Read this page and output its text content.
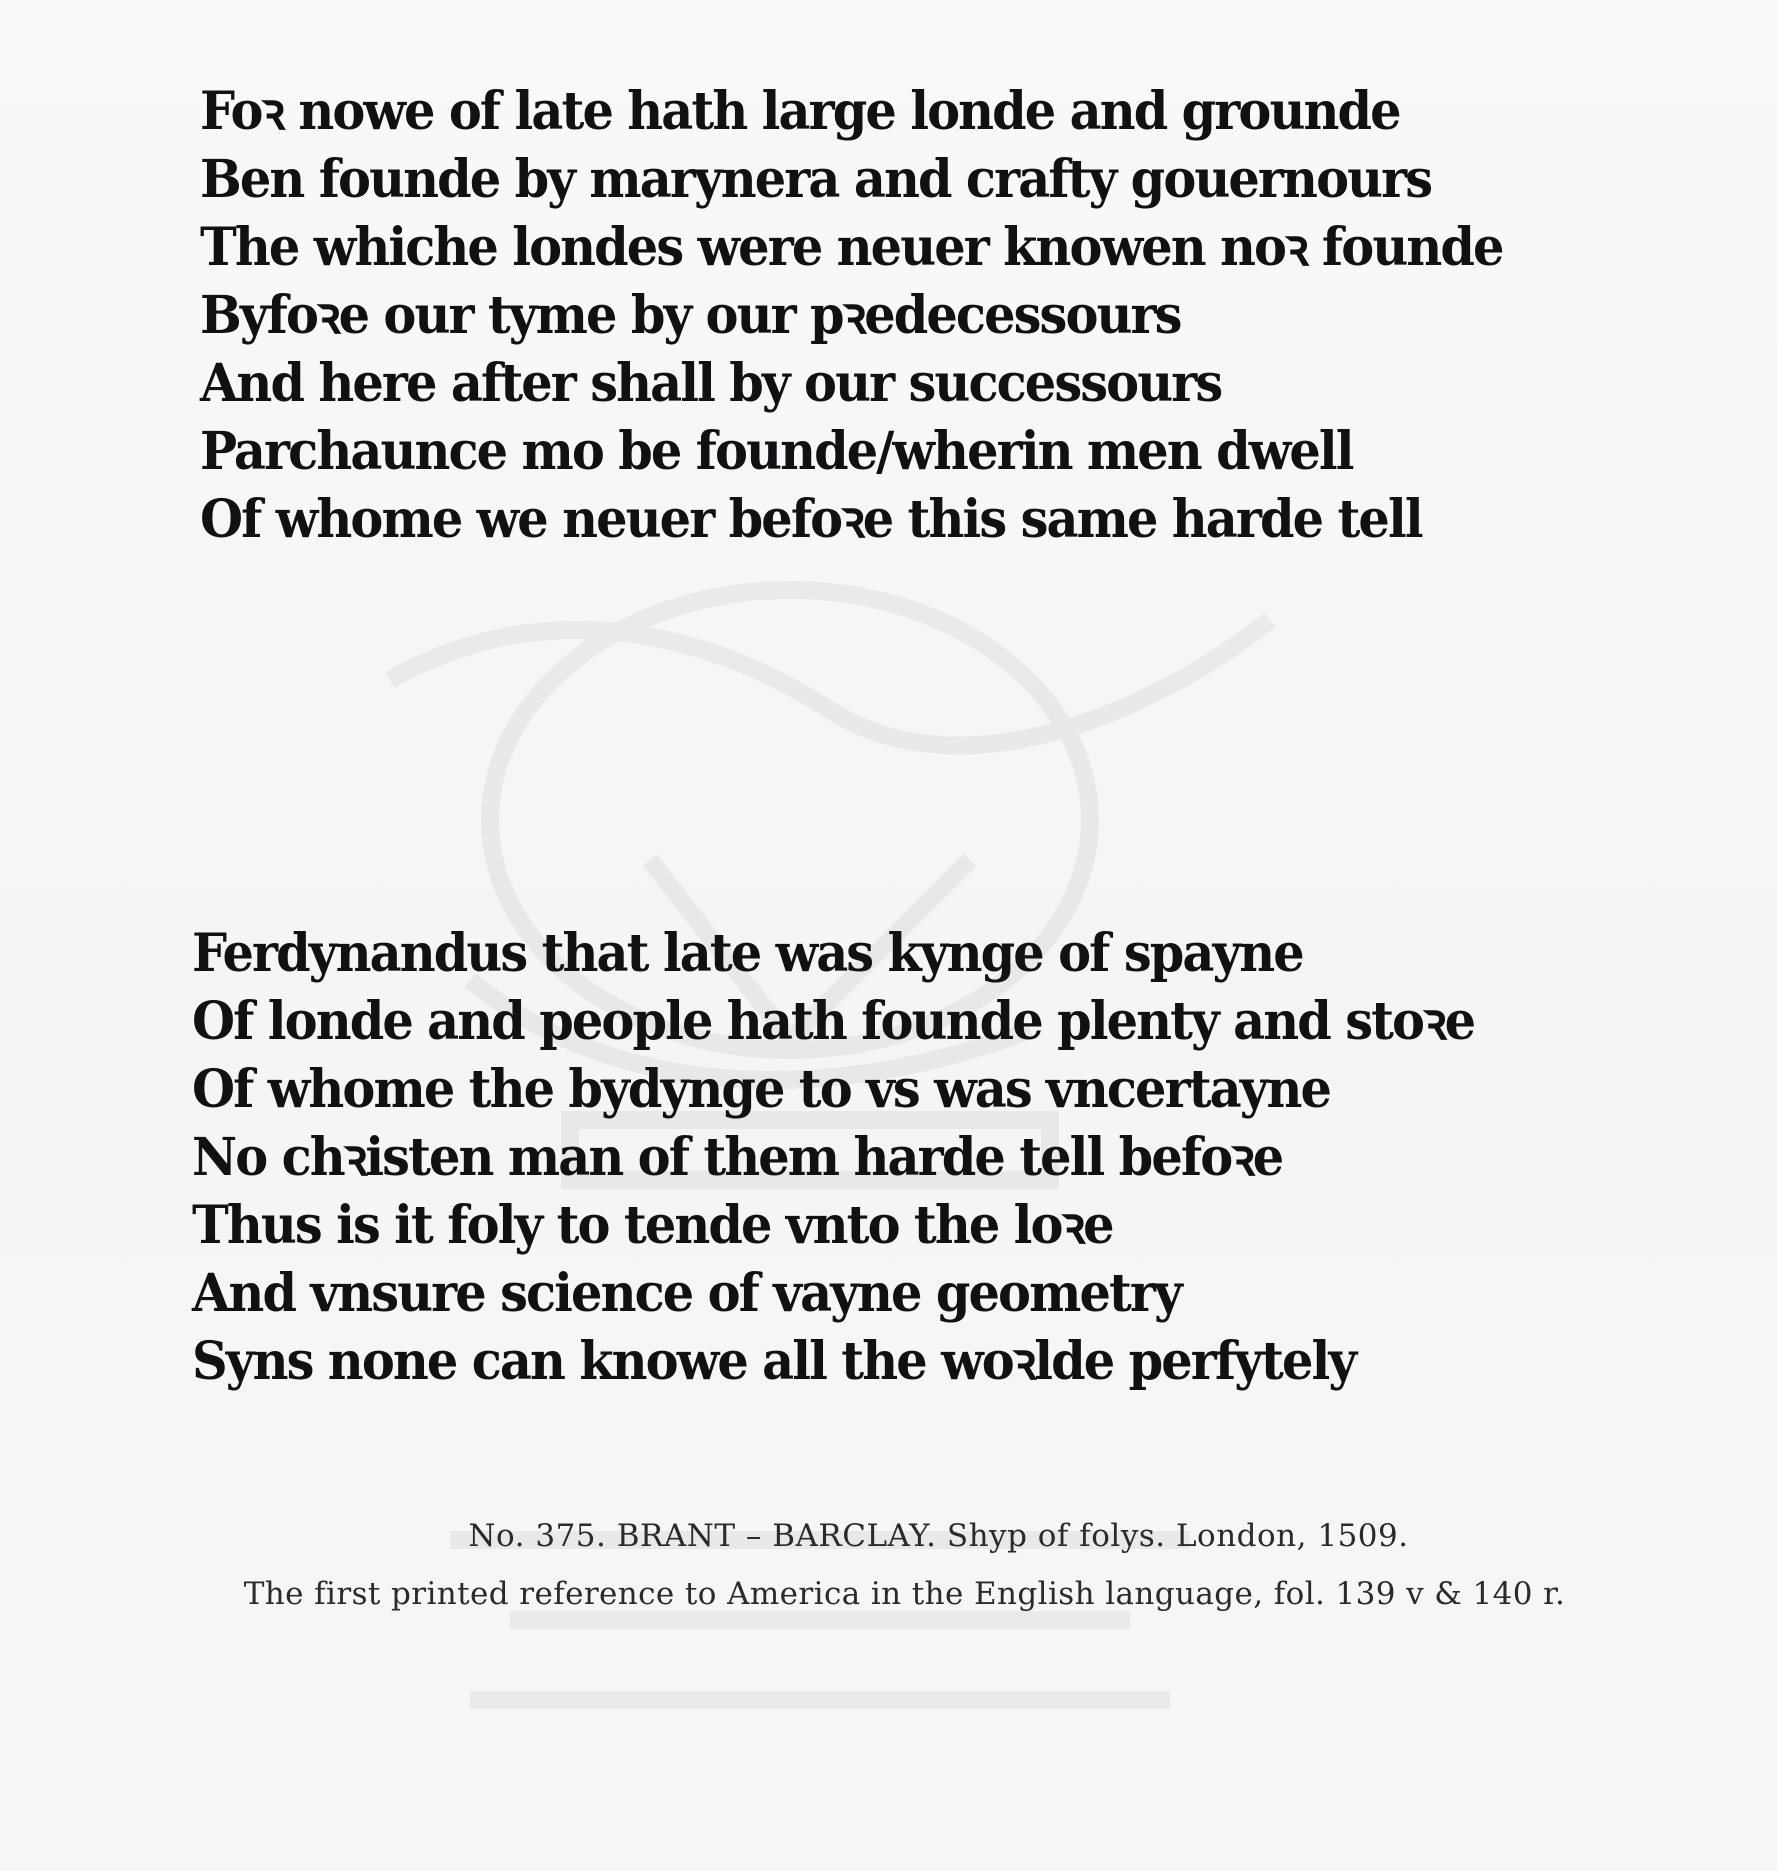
Foꝛ nowe of late hath large londe and grounde
Ben founde by marynera and crafty gouernours
The whiche londes were neuer knowen noꝛ founde
Byfoꝛe our tyme by our pꝛedecessours
And here after shall by our successours
Parchaunce mo be founde/wherin men dwell
Of whome we neuer befoꝛe this same harde tell
Ferdynandus that late was kynge of spayne
Of londe and people hath founde plenty and stoꝛe
Of whome the bydynge to vs was vncertayne
No chꝛisten man of them harde tell befoꝛe
Thus is it foly to tende vnto the loꝛe
And vnsure science of vayne geometry
Syns none can knowe all the woꝛlde perfytely

No. 375. BRANT – BARCLAY. Shyp of folys. London, 1509.

The first printed reference to America in the English language, fol. 139 v & 140 r.
